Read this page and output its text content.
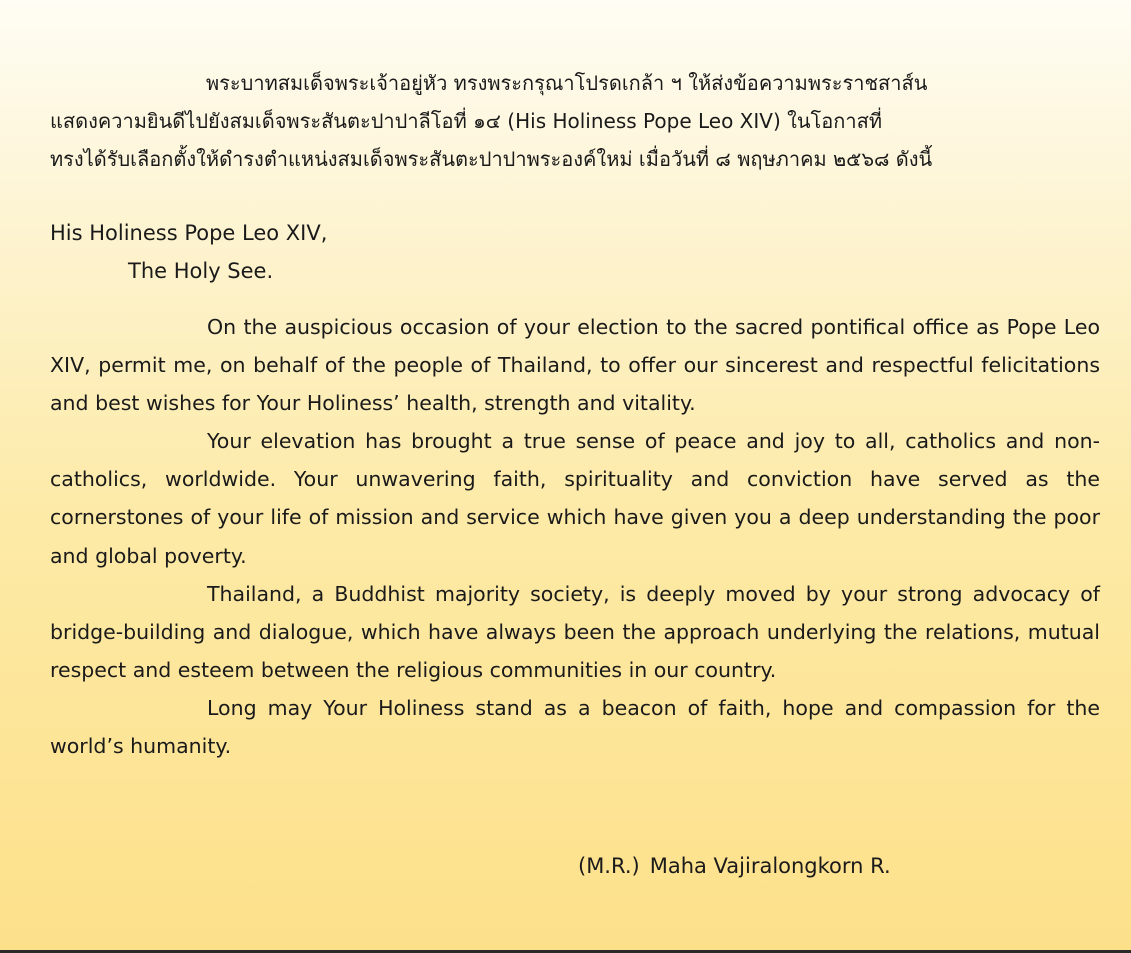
พระบาทสมเด็จพระเจ้าอยู่หัว ทรงพระกรุณาโปรดเกล้า ฯ ให้ส่งข้อความพระราชสาส์น

แสดงความยินดีไปยังสมเด็จพระสันตะปาปาลีโอที่ ๑๔ (His Holiness Pope Leo XIV) ในโอกาสที่

ทรงได้รับเลือกตั้งให้ดำรงตำแหน่งสมเด็จพระสันตะปาปาพระองค์ใหม่ เมื่อวันที่ ๘ พฤษภาคม ๒๕๖๘ ดังนี้

His Holiness Pope Leo XIV,

The Holy See.

On the auspicious occasion of your election to the sacred pontifical office as Pope Leo XIV, permit me, on behalf of the people of Thailand, to offer our sincerest and respectful felicitations and best wishes for Your Holiness’ health, strength and vitality.

Your elevation has brought a true sense of peace and joy to all, catholics and non-catholics, worldwide. Your unwavering faith, spirituality and conviction have served as the cornerstones of your life of mission and service which have given you a deep understanding the poor and global poverty.

Thailand, a Buddhist majority society, is deeply moved by your strong advocacy of bridge-building and dialogue, which have always been the approach underlying the relations, mutual respect and esteem between the religious communities in our country.

Long may Your Holiness stand as a beacon of faith, hope and compassion for the world’s humanity.

(M.R.) Maha Vajiralongkorn R.
